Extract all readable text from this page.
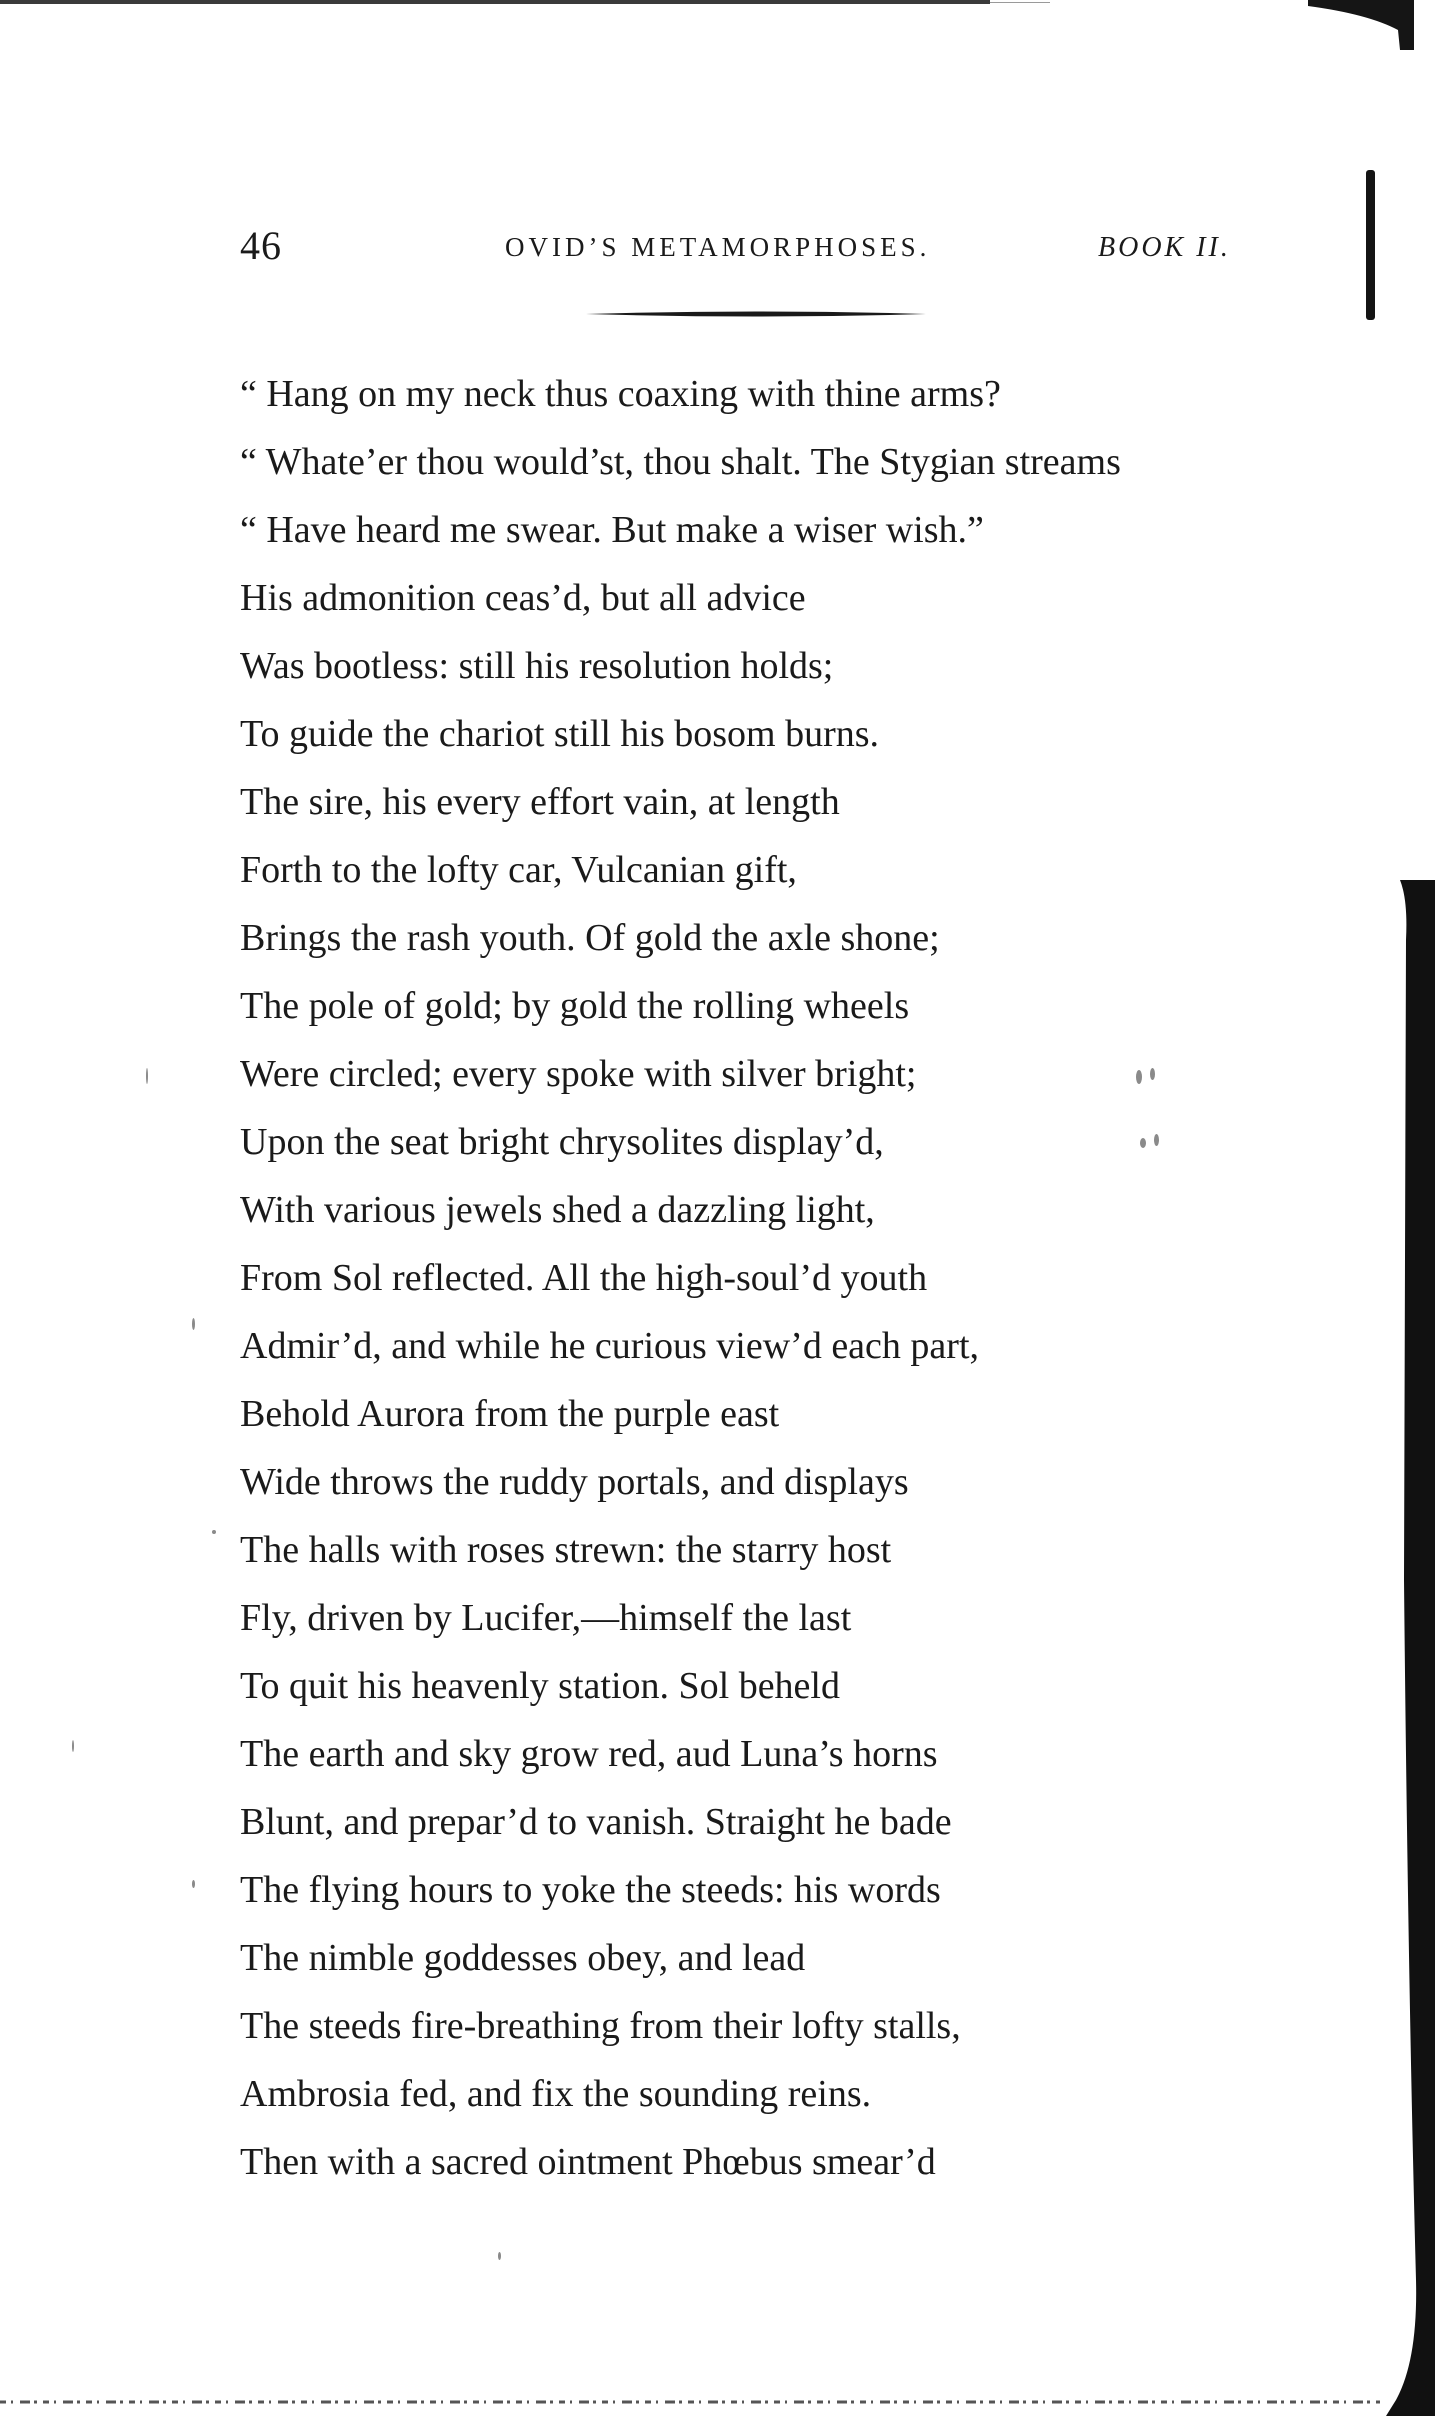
46	OVID’S METAMORPHOSES.	BOOK II.
“ Hang on my neck thus coaxing with thine arms?
“ Whate’er thou would’st, thou shalt. The Stygian streams
“ Have heard me swear. But make a wiser wish.”
His admonition ceas’d, but all advice
Was bootless: still his resolution holds;
To guide the chariot still his bosom burns.
The sire, his every effort vain, at length
Forth to the lofty car, Vulcanian gift,
Brings the rash youth. Of gold the axle shone;
The pole of gold; by gold the rolling wheels
Were circled; every spoke with silver bright;
Upon the seat bright chrysolites display’d,
With various jewels shed a dazzling light,
From Sol reflected. All the high-soul’d youth
Admir’d, and while he curious view’d each part,
Behold Aurora from the purple east
Wide throws the ruddy portals, and displays
The halls with roses strewn: the starry host
Fly, driven by Lucifer,—himself the last
To quit his heavenly station. Sol beheld
The earth and sky grow red, aud Luna’s horns
Blunt, and prepar’d to vanish. Straight he bade
The flying hours to yoke the steeds: his words
The nimble goddesses obey, and lead
The steeds fire-breathing from their lofty stalls,
Ambrosia fed, and fix the sounding reins.
Then with a sacred ointment Phœbus smear’d
